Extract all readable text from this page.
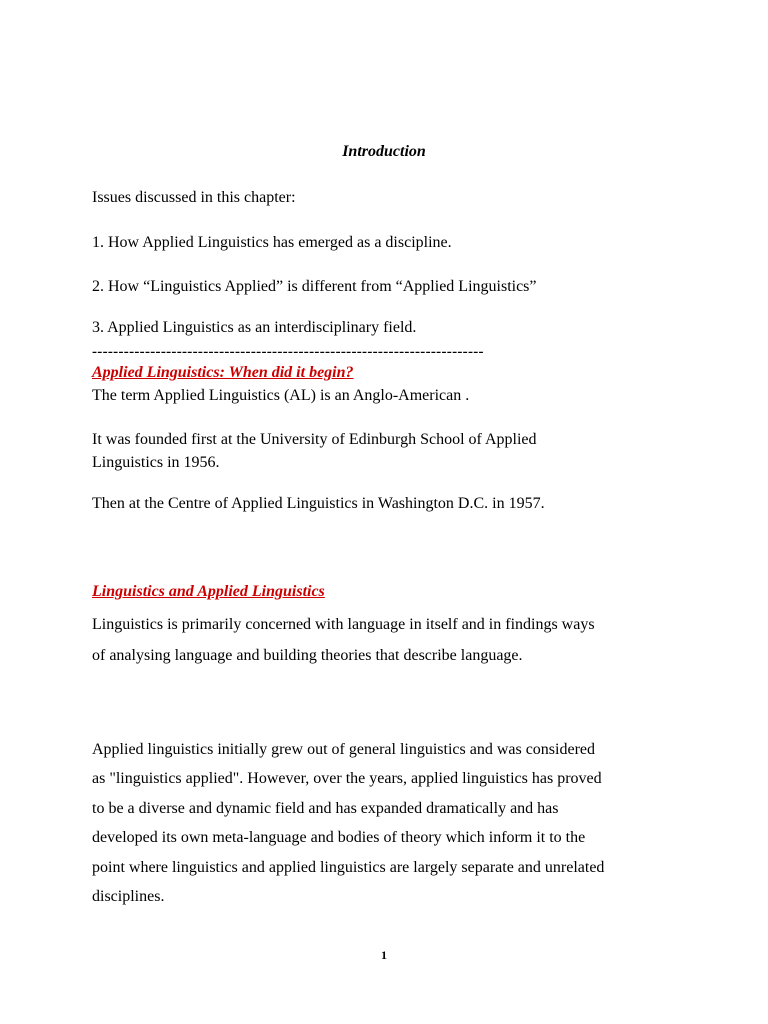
Introduction
Issues discussed in this chapter:
1. How Applied Linguistics has emerged as a discipline.
2. How “Linguistics Applied” is different from “Applied Linguistics”
3. Applied Linguistics as an interdisciplinary field.
--------------------------------------------------------------------------
Applied Linguistics: When did it begin?
The term Applied Linguistics (AL) is an Anglo-American .
It was founded first at the University of Edinburgh School of Applied
Linguistics in 1956.
Then at the Centre of Applied Linguistics in Washington D.C. in 1957.
Linguistics and Applied Linguistics
Linguistics is primarily concerned with language in itself and in findings ways
of analysing language and building theories that describe language.
Applied linguistics initially grew out of general linguistics and was considered
as "linguistics applied". However, over the years, applied linguistics has proved
to be a diverse and dynamic field and has expanded dramatically and has
developed its own meta-language and bodies of theory which inform it to the
point where linguistics and applied linguistics are largely separate and unrelated
disciplines.
1
